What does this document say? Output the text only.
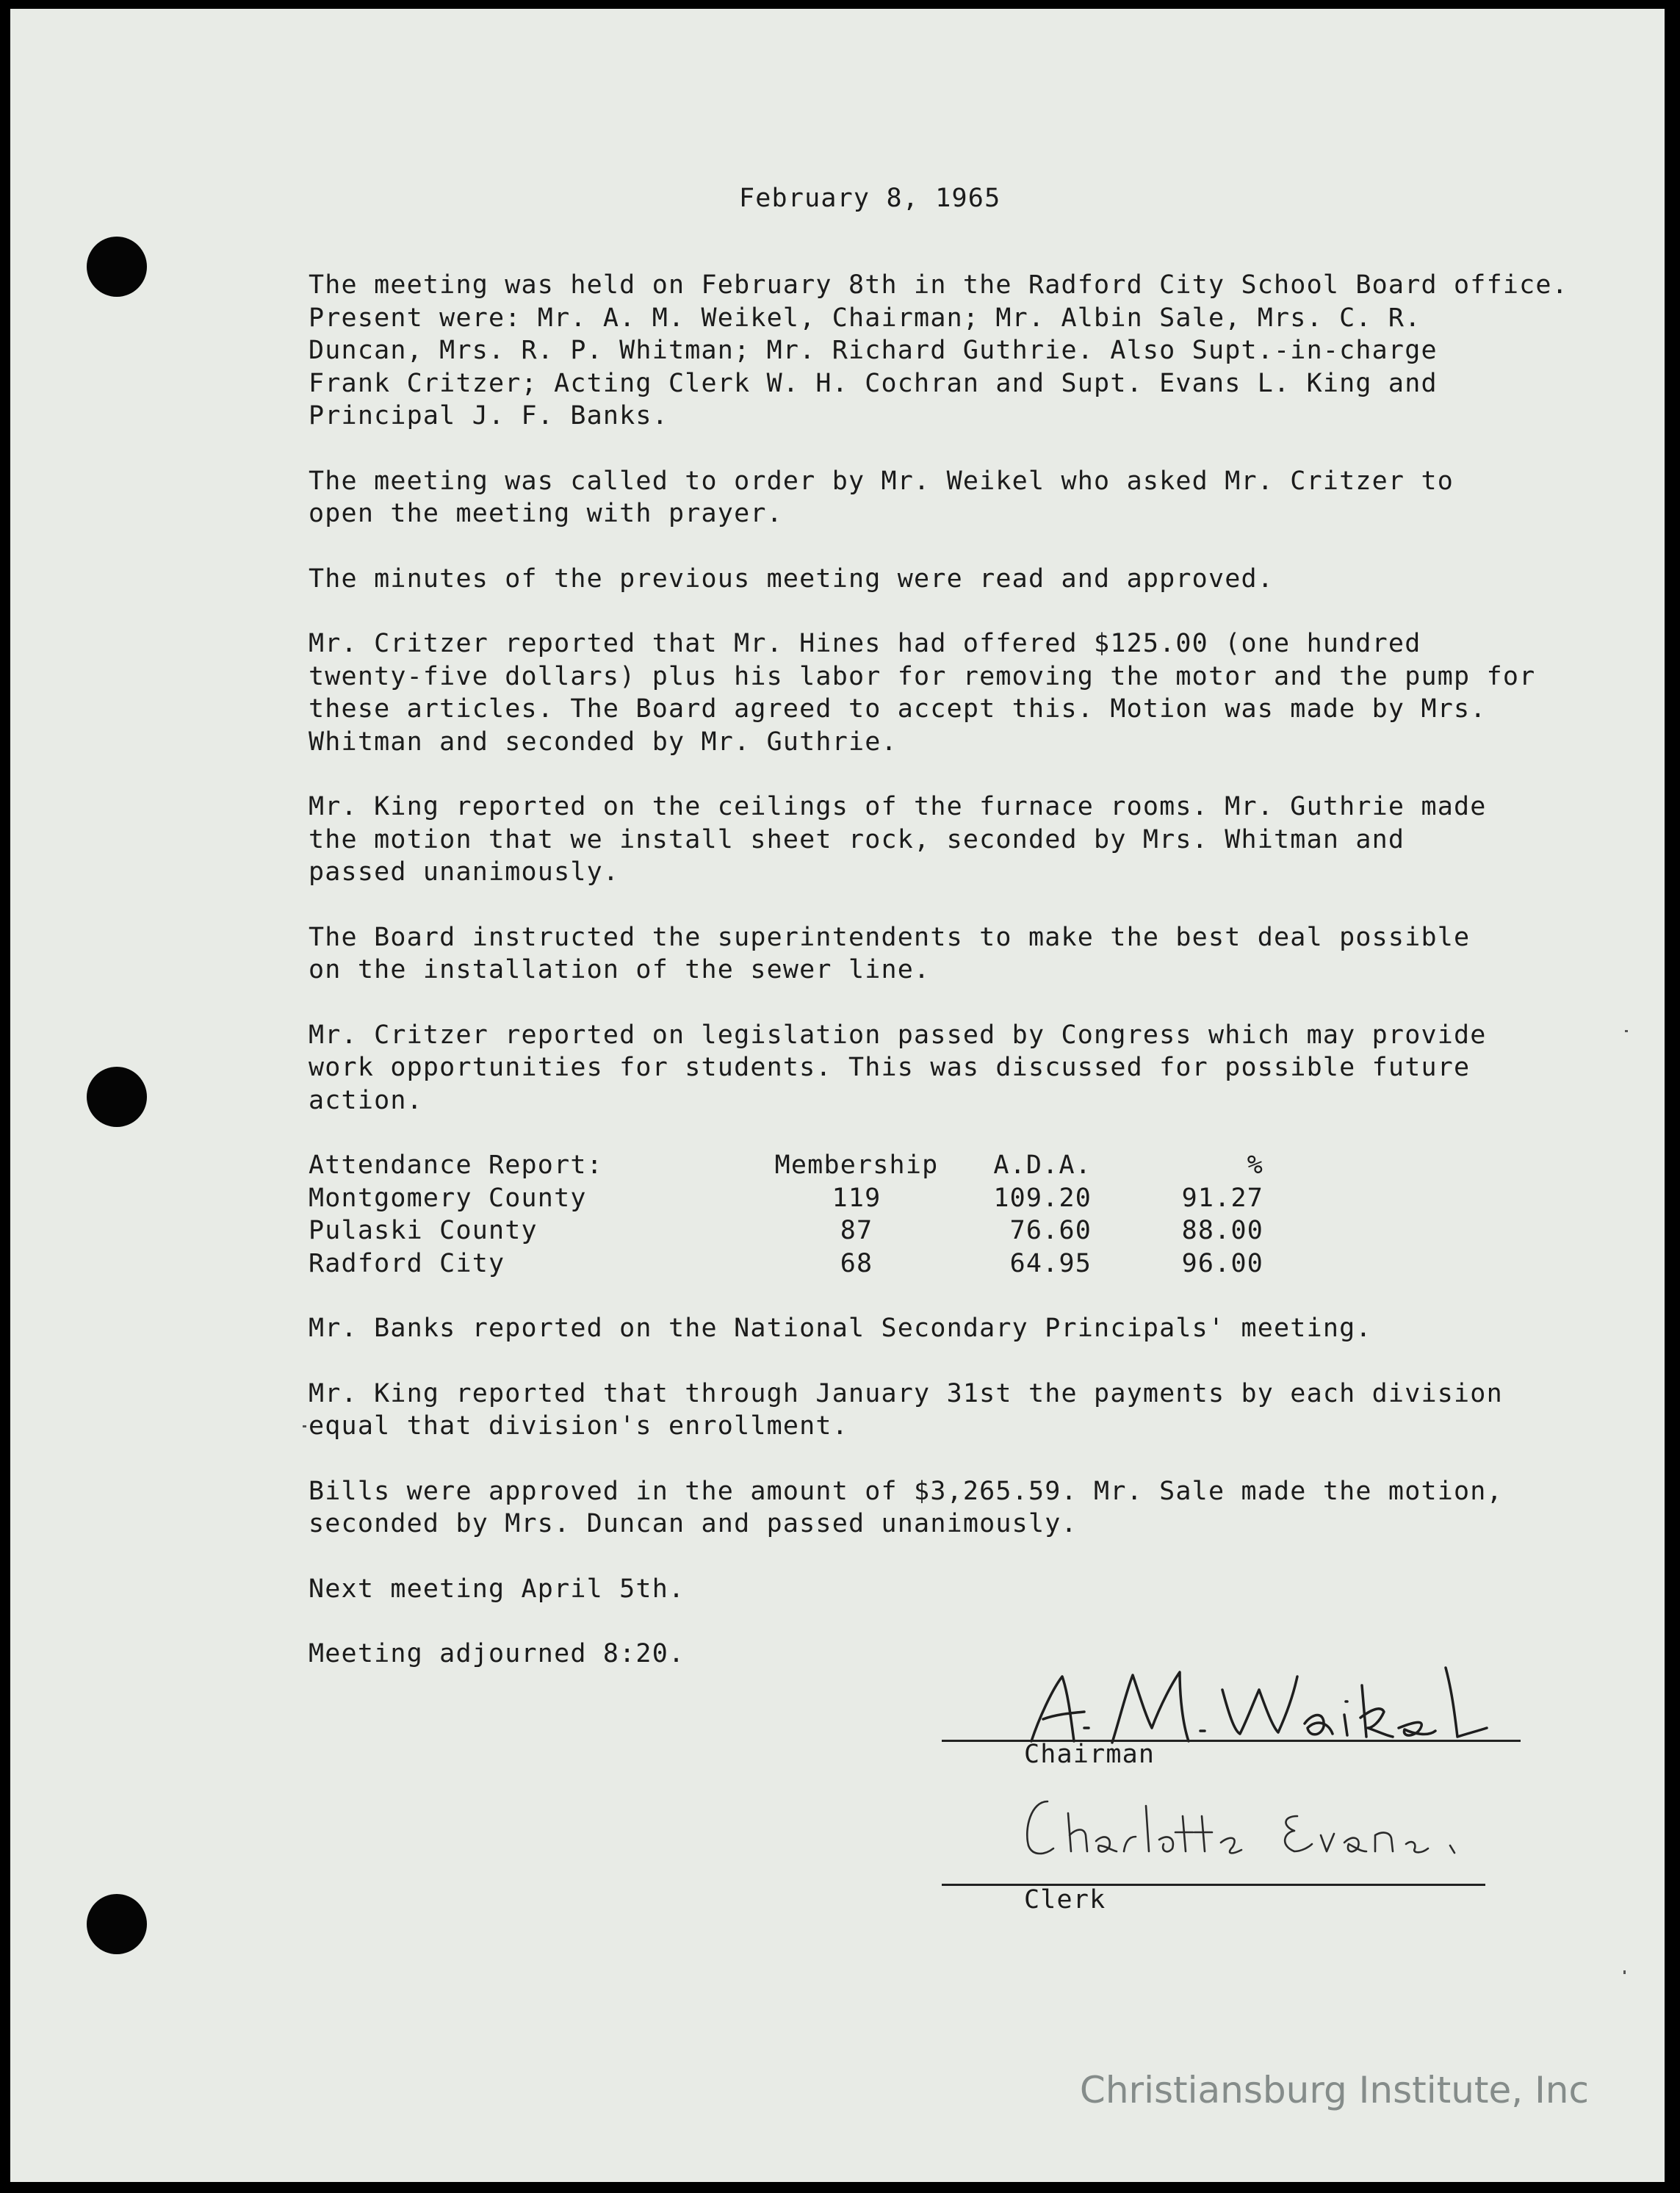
February 8, 1965

The meeting was held on February 8th in the Radford City School Board office.
Present were: Mr. A. M. Weikel, Chairman; Mr. Albin Sale, Mrs. C. R.
Duncan, Mrs. R. P. Whitman; Mr. Richard Guthrie. Also Supt.-in-charge
Frank Critzer; Acting Clerk W. H. Cochran and Supt. Evans L. King and
Principal J. F. Banks.

The meeting was called to order by Mr. Weikel who asked Mr. Critzer to
open the meeting with prayer.

The minutes of the previous meeting were read and approved.

Mr. Critzer reported that Mr. Hines had offered $125.00 (one hundred
twenty-five dollars) plus his labor for removing the motor and the pump for
these articles. The Board agreed to accept this. Motion was made by Mrs.
Whitman and seconded by Mr. Guthrie.

Mr. King reported on the ceilings of the furnace rooms. Mr. Guthrie made
the motion that we install sheet rock, seconded by Mrs. Whitman and
passed unanimously.

The Board instructed the superintendents to make the best deal possible
on the installation of the sewer line.

Mr. Critzer reported on legislation passed by Congress which may provide
work opportunities for students. This was discussed for possible future
action.

Attendance Report:	Membership	A.D.A.	%
Montgomery County	119	109.20	91.27
Pulaski County	87	76.60	88.00
Radford City	68	64.95	96.00

Mr. Banks reported on the National Secondary Principals' meeting.

Mr. King reported that through January 31st the payments by each division
equal that division's enrollment.

Bills were approved in the amount of $3,265.59. Mr. Sale made the motion,
seconded by Mrs. Duncan and passed unanimously.

Next meeting April 5th.

Meeting adjourned 8:20.

Chairman
Clerk
Christiansburg Institute, Inc
